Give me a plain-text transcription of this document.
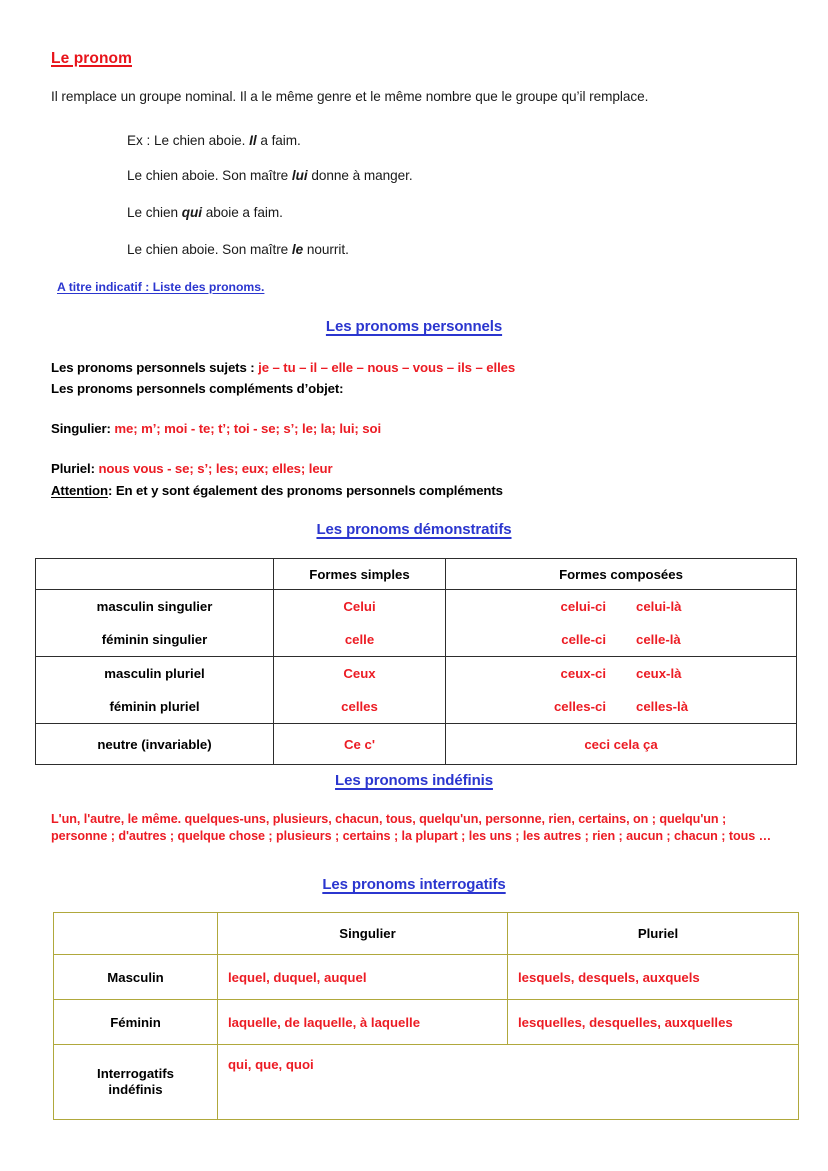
Le pronom
Il remplace un groupe nominal. Il a le même genre et le même nombre que le groupe qu’il remplace.
Ex : Le chien aboie. Il a faim.
Le chien aboie. Son maître lui donne à manger.
Le chien qui aboie a faim.
Le chien aboie. Son maître le nourrit.
A titre indicatif : Liste des pronoms.
Les pronoms personnels
Les pronoms personnels sujets : je – tu – il – elle – nous – vous – ils – elles
Les pronoms personnels compléments d’objet:
Singulier: me; m’; moi - te; t’; toi - se; s’; le; la; lui; soi
Pluriel: nous vous - se; s’; les; eux; elles; leur
Attention: En et y sont également des pronoms personnels compléments
Les pronoms démonstratifs
	Formes simples	Formes composées
masculin singulier	Celui	celui-ci celui-là
féminin singulier	celle	celle-ci celle-là
masculin pluriel	Ceux	ceux-ci ceux-là
féminin pluriel	celles	celles-ci celles-là
neutre (invariable)	Ce c'	ceci cela ça
Les pronoms indéfinis
L'un, l'autre, le même. quelques-uns, plusieurs, chacun, tous, quelqu'un, personne, rien, certains, on ; quelqu'un ; personne ; d'autres ; quelque chose ; plusieurs ; certains ; la plupart ; les uns ; les autres ; rien ; aucun ; chacun ; tous …
Les pronoms interrogatifs
	Singulier	Pluriel
Masculin	lequel, duquel, auquel	lesquels, desquels, auxquels
Féminin	laquelle, de laquelle, à laquelle	lesquelles, desquelles, auxquelles

Interrogatifs
indéfinis	qui, que, quoi	
